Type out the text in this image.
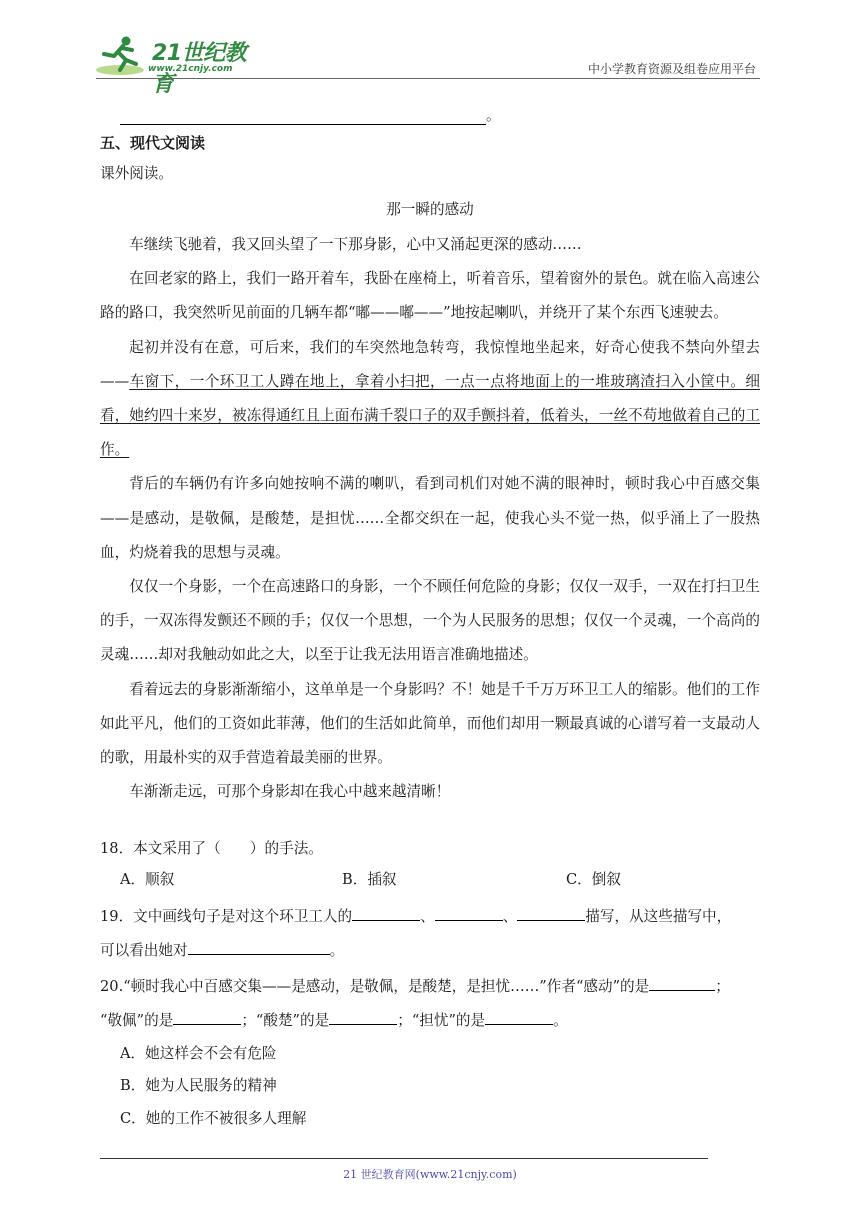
21世纪教育
www.21cnjy.com	中小学教育资源及组卷应用平台
。
五、现代文阅读
课外阅读。
那一瞬的感动

车继续飞驰着，我又回头望了一下那身影，心中又涌起更深的感动……

在回老家的路上，我们一路开着车，我卧在座椅上，听着音乐，望着窗外的景色。就在临入高速公路的路口，我突然听见前面的几辆车都“嘟——嘟——”地按起喇叭，并绕开了某个东西飞速驶去。

起初并没有在意，可后来，我们的车突然地急转弯，我惊惶地坐起来，好奇心使我不禁向外望去——车窗下，一个环卫工人蹲在地上，拿着小扫把，一点一点将地面上的一堆玻璃渣扫入小筐中。细看，她约四十来岁，被冻得通红且上面布满千裂口子的双手颤抖着，低着头，一丝不苟地做着自己的工作。

背后的车辆仍有许多向她按响不满的喇叭，看到司机们对她不满的眼神时，顿时我心中百感交集——是感动，是敬佩，是酸楚，是担忧……全都交织在一起，使我心头不觉一热，似乎涌上了一股热血，灼烧着我的思想与灵魂。

仅仅一个身影，一个在高速路口的身影，一个不顾任何危险的身影；仅仅一双手，一双在打扫卫生的手，一双冻得发颤还不顾的手；仅仅一个思想，一个为人民服务的思想；仅仅一个灵魂，一个高尚的灵魂……却对我触动如此之大，以至于让我无法用语言准确地描述。

看着远去的身影渐渐缩小，这单单是一个身影吗？不！她是千千万万环卫工人的缩影。他们的工作如此平凡，他们的工资如此菲薄，他们的生活如此简单，而他们却用一颗最真诚的心谱写着一支最动人的歌，用最朴实的双手营造着最美丽的世界。

车渐渐走远，可那个身影却在我心中越来越清晰！

18．本文采用了（　　）的手法。
A．顺叙	B．插叙	C．倒叙
19．文中画线句子是对这个环卫工人的	、	、	描写，从这些描写中，
可以看出她对	。
20.“顿时我心中百感交集——是感动，是敬佩，是酸楚，是担忧……”作者“感动”的是	；
“敬佩”的是	；“酸楚”的是	；“担忧”的是	。
A．她这样会不会有危险
B．她为人民服务的精神
C．她的工作不被很多人理解
21 世纪教育网(www.21cnjy.com)
